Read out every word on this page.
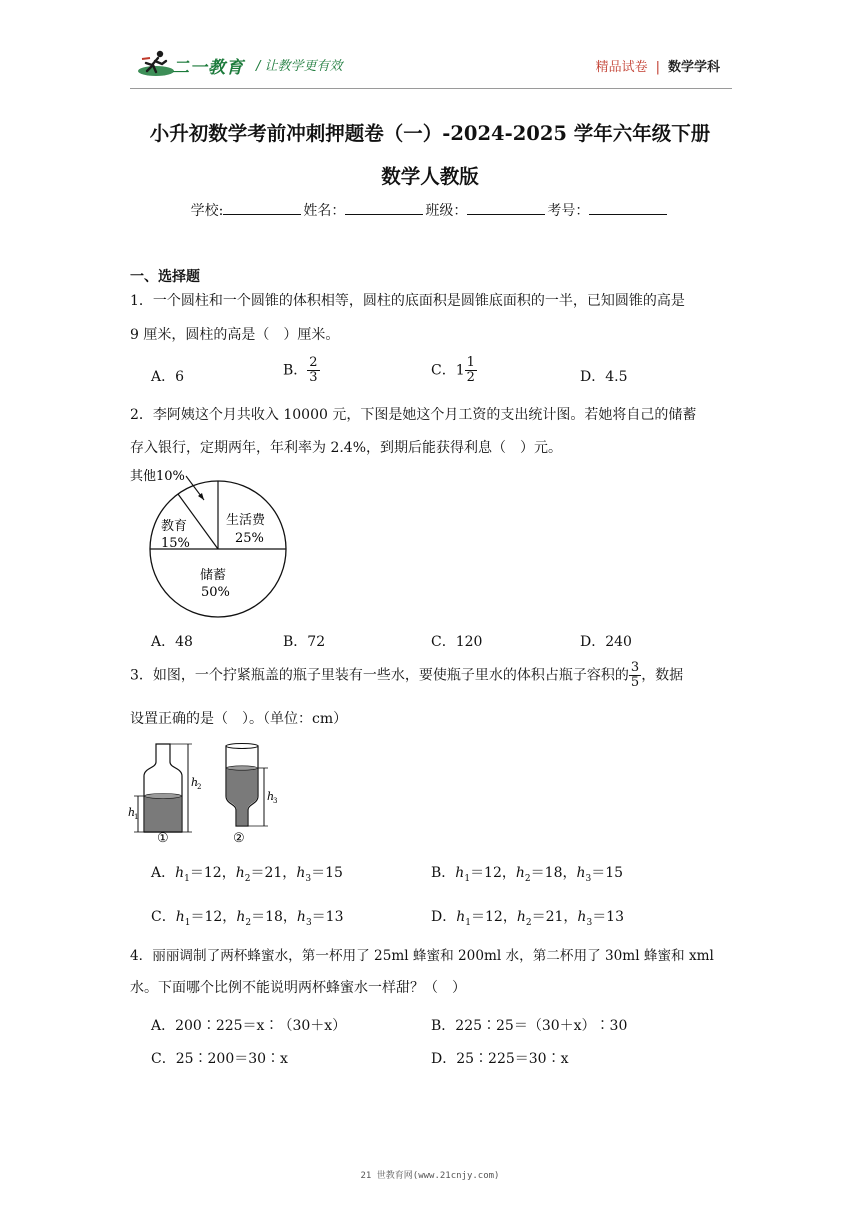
二一教育 / 让教学更有效	精品试卷 | 数学学科
小升初数学考前冲刺押题卷（一）-2024-2025 学年六年级下册
数学人教版
学校:	姓名：	班级：	考号：
一、选择题
1．一个圆柱和一个圆锥的体积相等，圆柱的底面积是圆锥底面积的一半，已知圆锥的高是
9 厘米，圆柱的高是（　）厘米。
A．6	B． $\frac{2}{3}$	C．$1 \frac{1}{2}$	D．4.5
2．李阿姨这个月共收入 10000 元，下图是她这个月工资的支出统计图。若她将自己的储蓄
存入银行，定期两年，年利率为 2.4%，到期后能获得利息（　）元。
其他10%
生活费
25%
教育
15%
储蓄
50%
A．48	B．72	C．120	D．240
3．如图，一个拧紧瓶盖的瓶子里装有一些水，要使瓶子里水的体积占瓶子容积的 $\frac{3}{5}$ ，数据
设置正确的是（　）。（单位：cm）
h
1
h
2
h
3
①	②
A．$h_1=12$，$h_2=21$，$h_3=15$	B．$h_1=12$，$h_2=18$，$h_3=15$
C．$h_1=12$，$h_2=18$，$h_3=13$	D．$h_1=12$，$h_2=21$，$h_3=13$
4．丽丽调制了两杯蜂蜜水，第一杯用了 25ml 蜂蜜和 200ml 水，第二杯用了 30ml 蜂蜜和 xml
水。下面哪个比例不能说明两杯蜂蜜水一样甜？（　）
A．200∶225＝x∶（30＋x）	B．225∶25＝（30＋x）∶30
C．25∶200＝30∶x	D．25∶225＝30∶x
21 世教育网(www.21cnjy.com)
